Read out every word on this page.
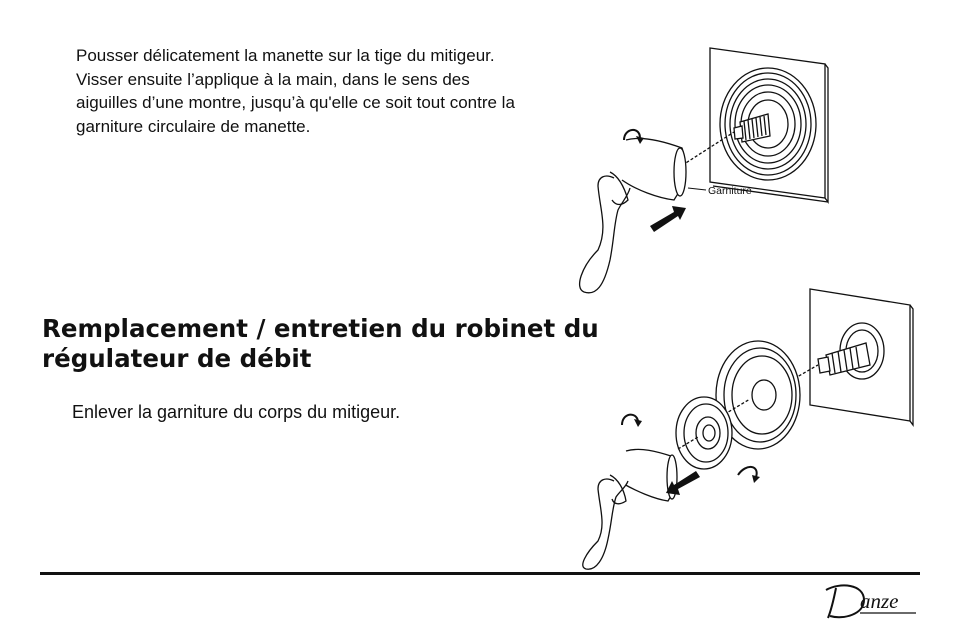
Pousser délicatement la manette sur la tige du mitigeur. Visser ensuite l’applique à la main, dans le sens des aiguilles d’une montre, jusqu’à qu'elle ce soit tout contre la garniture circulaire de manette.

Remplacement / entretien du robinet du régulateur de débit

Enlever la garniture du corps du mitigeur.

Garniture
anze
